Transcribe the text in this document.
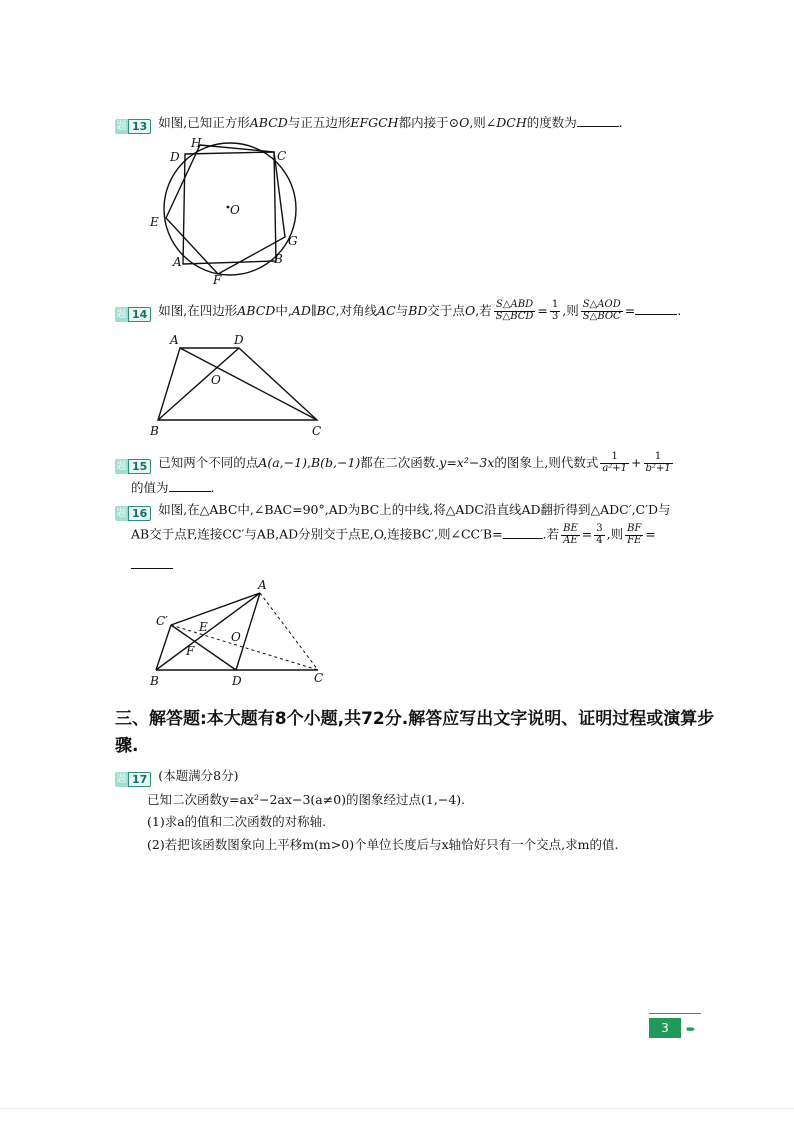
题 13 如图,已知正方形ABCD与正五边形EFGCH都内接于⊙O,则∠DCH的度数为	.
H
C
D
E
O
G
A	B
F
题 14 如图,在四边形ABCD中,AD∥BC,对角线AC与BD交于点O,若 $\frac{\text{S△ABD}}{\text{S△BCD}} = \frac{1}{3}$ ,则 $\frac{\text{S△AOD}}{\text{S△BOC}}$ =	.
A	D
O
B	C
题 15 已知两个不同的点A(a,−1),B(b,−1)都在二次函数.y=x²−3x的图象上,则代数式 $\frac{1}{\text{a²+1}} + \frac{1}{\text{b²+1}}$
的值为	.
题 16 如图,在△ABC中,∠BAC=90°,AD为BC上的中线,将△ADC沿直线AD翻折得到△ADC′,C′D与
AB交于点F,连接CC′与AB,AD分别交于点E,O,连接BC′,则∠CC′B=	.若 $\frac{BE}{AE} = \frac{3}{4}$ ,则 $\frac{BF}{FE}$ =
A
C′	E
O
F
B	D	C
三、解答题:本大题有8个小题,共72分.解答应写出文字说明、证明过程或演算步骤.
题 17 (本题满分8分)
已知二次函数y=ax²−2ax−3(a≠0)的图象经过点(1,−4).
(1)求a的值和二次函数的对称轴.
(2)若把该函数图象向上平移m(m>0)个单位长度后与x轴恰好只有一个交点,求m的值.
3	➨
